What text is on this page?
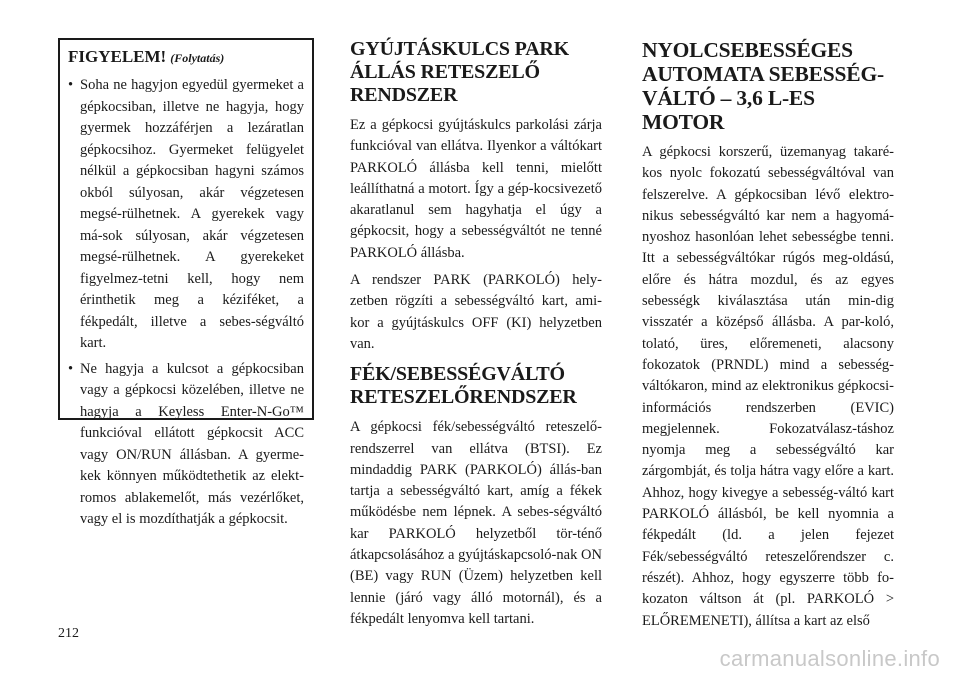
FIGYELEM! (Folytatás)
• Soha ne hagyjon egyedül gyermeket a gépkocsiban, illetve ne hagyja, hogy gyermek hozzáférjen a lezáratlan gépkocsihoz. Gyermeket felügyelet nélkül a gépkocsiban hagyni számos okból súlyosan, akár végzetesen megsé-rülhetnek. A gyerekek vagy má-sok súlyosan, akár végzetesen megsé-rülhetnek. A gyerekeket figyelmez-tetni kell, hogy nem érinthetik meg a kéziféket, a fékpedált, illetve a sebes-ségváltó kart.
• Ne hagyja a kulcsot a gépkocsiban vagy a gépkocsi közelében, illetve ne hagyja a Keyless Enter-N-Go™ funkcióval ellátott gépkocsit ACC vagy ON/RUN állásban. A gyerme-kek könnyen működtethetik az elekt-romos ablakemelőt, más vezérlőket, vagy el is mozdíthatják a gépkocsit.
GYÚJTÁSKULCS PARK ÁLLÁS RETESZELŐ RENDSZER

Ez a gépkocsi gyújtáskulcs parkolási zárja funkcióval van ellátva. Ilyenkor a váltókart PARKOLÓ állásba kell tenni, mielőtt leállíthatná a motort. Így a gép-kocsivezető akaratlanul sem hagyhatja el úgy a gépkocsit, hogy a sebességváltót ne tenné PARKOLÓ állásba.

A rendszer PARK (PARKOLÓ) hely-zetben rögzíti a sebességváltó kart, ami-kor a gyújtáskulcs OFF (KI) helyzetben van.

FÉK/SEBESSÉGVÁLTÓ RETESZELŐRENDSZER

A gépkocsi fék/sebességváltó reteszelő-rendszerrel van ellátva (BTSI). Ez mindaddig PARK (PARKOLÓ) állás-ban tartja a sebességváltó kart, amíg a fékek működésbe nem lépnek. A sebes-ségváltó kar PARKOLÓ helyzetből tör-ténő átkapcsolásához a gyújtáskapcsoló-nak ON (BE) vagy RUN (Üzem) helyzetben kell lennie (járó vagy álló motornál), és a fékpedált lenyomva kell tartani.

NYOLCSEBESSÉGES AUTOMATA SEBESSÉG-VÁLTÓ – 3,6 L-ES MOTOR

A gépkocsi korszerű, üzemanyag takaré-kos nyolc fokozatú sebességváltóval van felszerelve. A gépkocsiban lévő elektro-nikus sebességváltó kar nem a hagyomá-nyoshoz hasonlóan lehet sebességbe tenni. Itt a sebességváltókar rúgós meg-oldású, előre és hátra mozdul, és az egyes sebességk kiválasztása után min-dig visszatér a középső állásba. A par-koló, tolató, üres, előremeneti, alacsony fokozatok (PRNDL) mind a sebesség-váltókaron, mind az elektronikus gépkocsi-információs rendszerben (EVIC) megjelennek. Fokozatválasz-táshoz nyomja meg a sebességváltó kar zárgombját, és tolja hátra vagy előre a kart. Ahhoz, hogy kivegye a sebesség-váltó kart PARKOLÓ állásból, be kell nyomnia a fékpedált (ld. a jelen fejezet Fék/sebességváltó reteszelőrendszer c. részét). Ahhoz, hogy egyszerre több fo-kozaton váltson át (pl. PARKOLÓ > ELŐREMENETI), állítsa a kart az első

212
carmanualsonline.info
